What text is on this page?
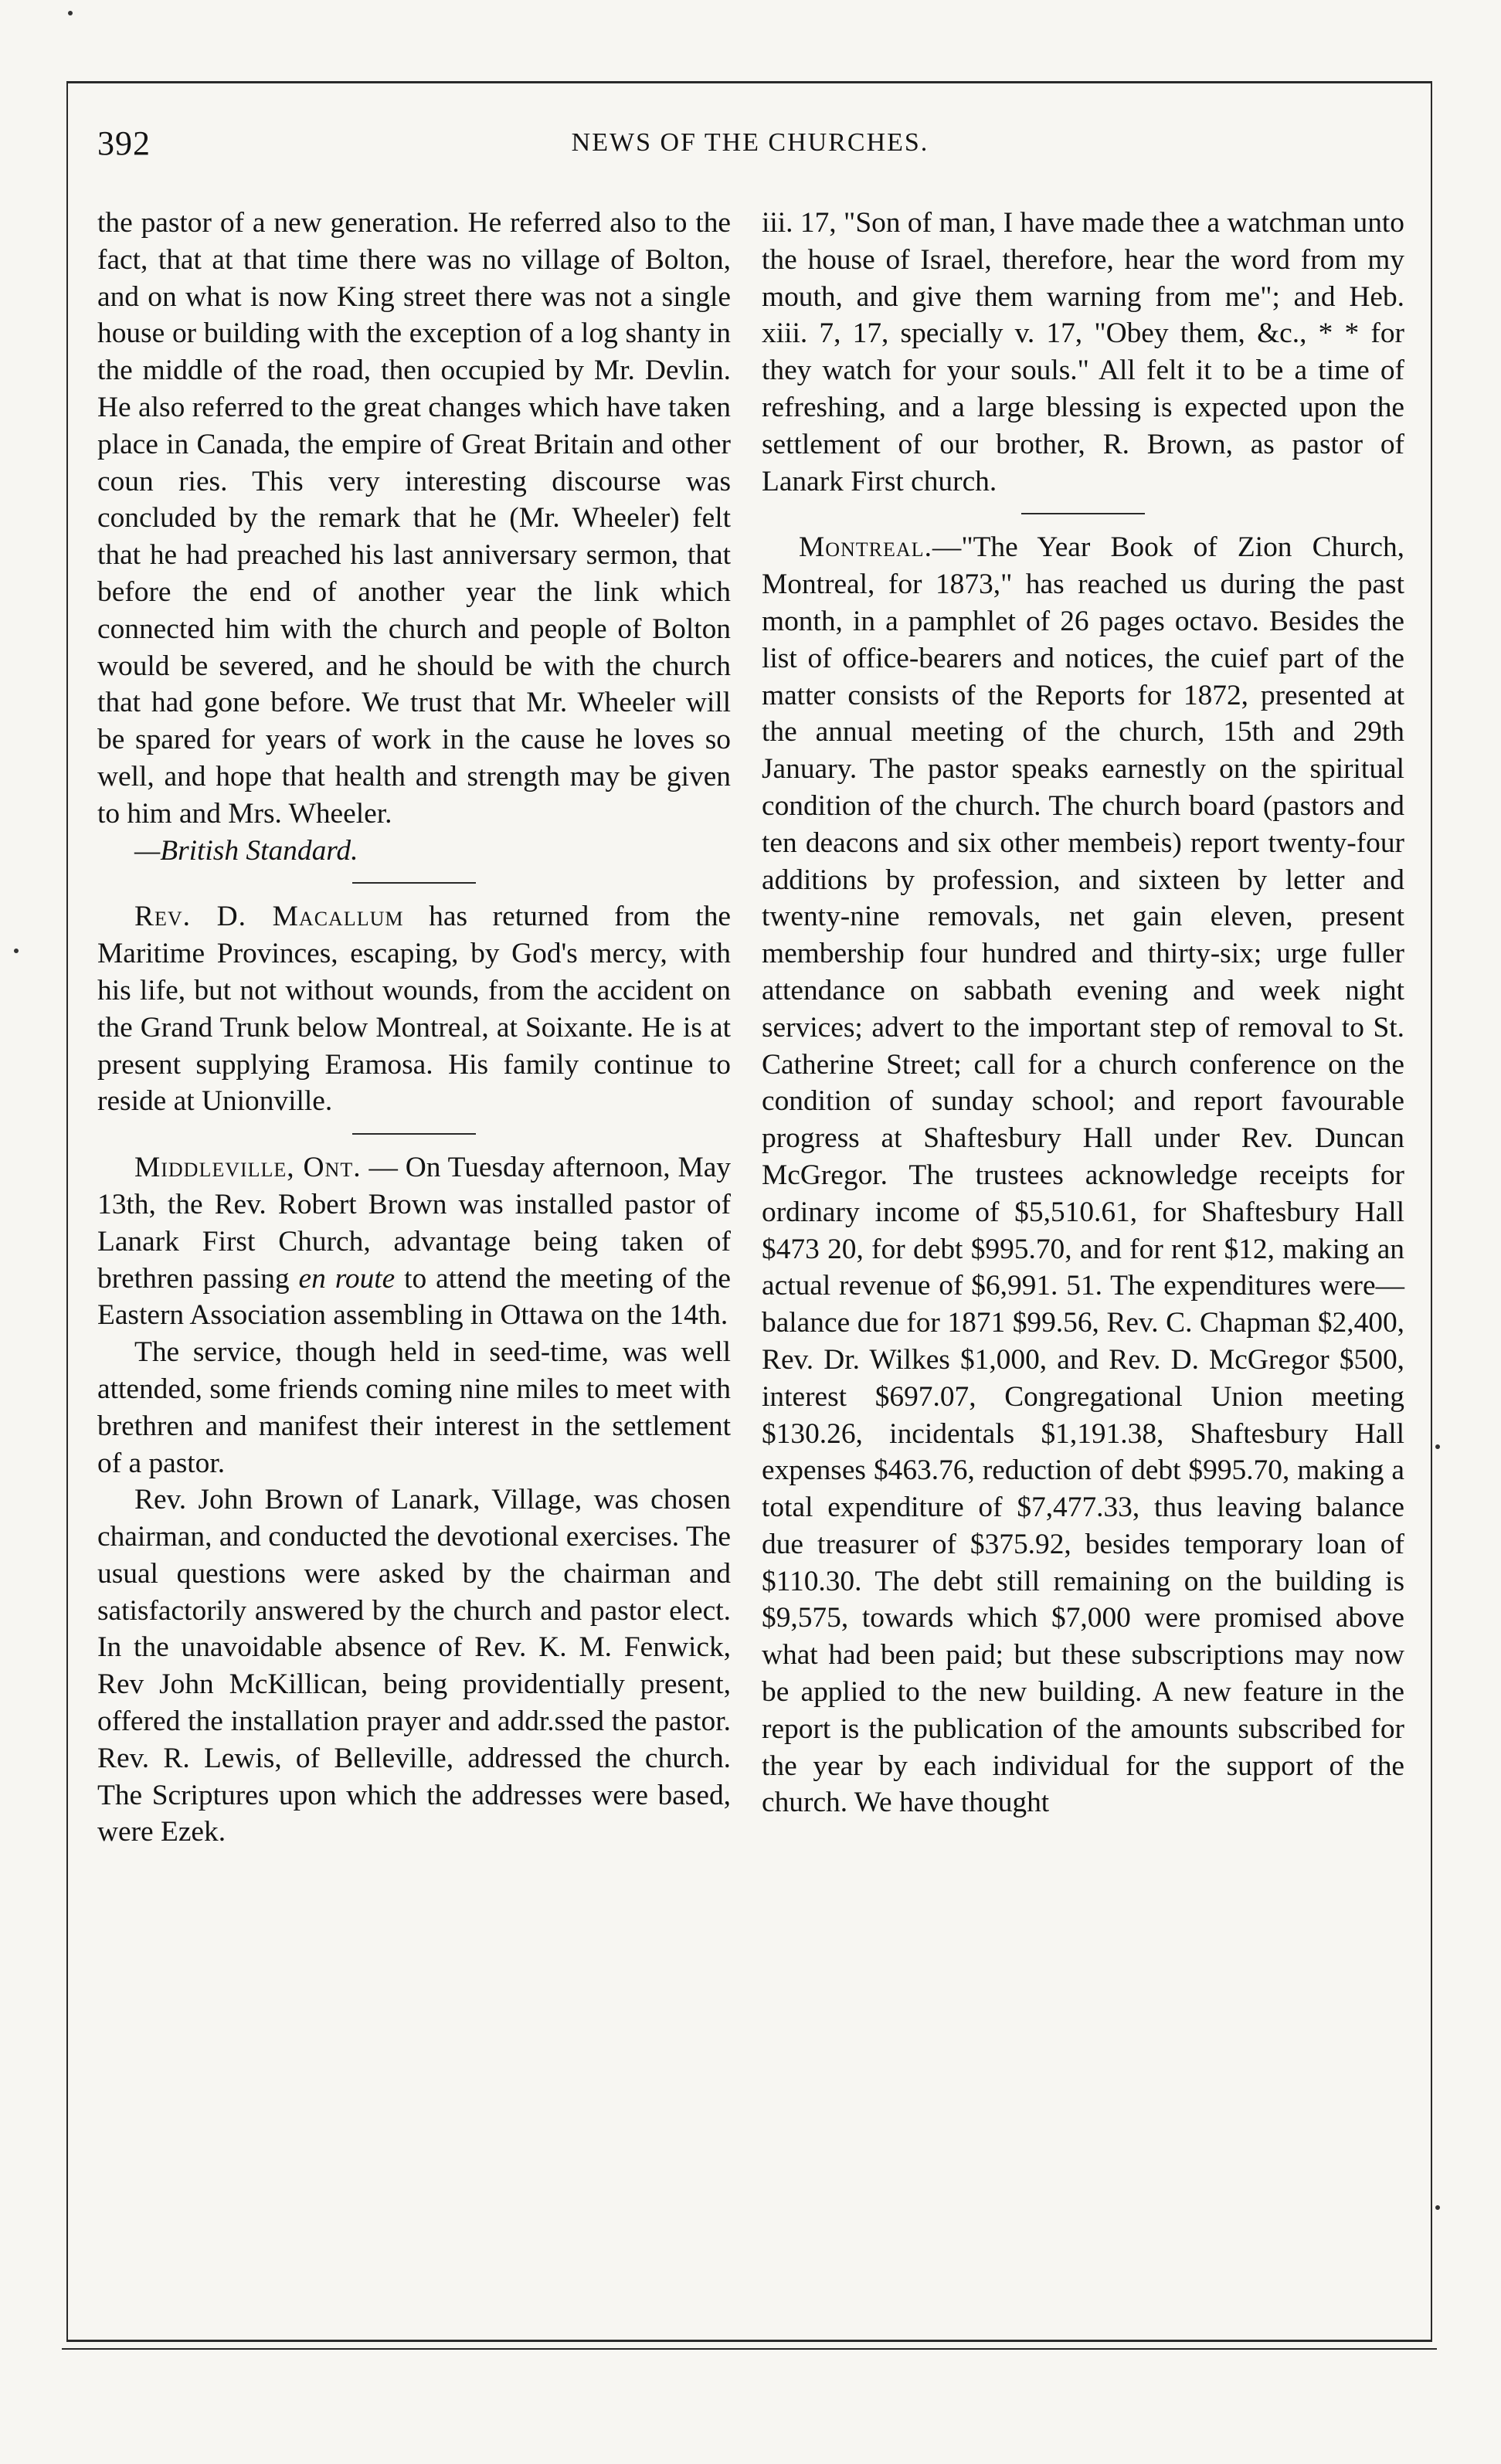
392	NEWS OF THE CHURCHES.

the pastor of a new generation. He referred also to the fact, that at that time there was no village of Bolton, and on what is now King street there was not a single house or building with the exception of a log shanty in the middle of the road, then occupied by Mr. Devlin. He also referred to the great changes which have taken place in Canada, the empire of Great Britain and other coun ries. This very interesting discourse was concluded by the remark that he (Mr. Wheeler) felt that he had preached his last anniversary sermon, that before the end of another year the link which connected him with the church and people of Bolton would be severed, and he should be with the church that had gone before. We trust that Mr. Wheeler will be spared for years of work in the cause he loves so well, and hope that health and strength may be given to him and Mrs. Wheeler.
—British Standard.

Rev. D. Macallum has returned from the Maritime Provinces, escaping, by God's mercy, with his life, but not without wounds, from the accident on the Grand Trunk below Montreal, at Soixante. He is at present supplying Eramosa. His family continue to reside at Unionville.

Middleville, Ont. — On Tuesday afternoon, May 13th, the Rev. Robert Brown was installed pastor of Lanark First Church, advantage being taken of brethren passing en route to attend the meeting of the Eastern Association assembling in Ottawa on the 14th.

The service, though held in seed-time, was well attended, some friends coming nine miles to meet with brethren and manifest their interest in the settlement of a pastor.

Rev. John Brown of Lanark, Village, was chosen chairman, and conducted the devotional exercises. The usual questions were asked by the chairman and satisfactorily answered by the church and pastor elect. In the unavoidable absence of Rev. K. M. Fenwick, Rev John McKillican, being providentially present, offered the installation prayer and addr.ssed the pastor. Rev. R. Lewis, of Belleville, addressed the church. The Scriptures upon which the addresses were based, were Ezek.

iii. 17, "Son of man, I have made thee a watchman unto the house of Israel, therefore, hear the word from my mouth, and give them warning from me"; and Heb. xiii. 7, 17, specially v. 17, "Obey them, &c., * * for they watch for your souls." All felt it to be a time of refreshing, and a large blessing is expected upon the settlement of our brother, R. Brown, as pastor of Lanark First church.

Montreal.—"The Year Book of Zion Church, Montreal, for 1873," has reached us during the past month, in a pamphlet of 26 pages octavo. Besides the list of office-bearers and notices, the cuief part of the matter consists of the Reports for 1872, presented at the annual meeting of the church, 15th and 29th January. The pastor speaks earnestly on the spiritual condition of the church. The church board (pastors and ten deacons and six other membeis) report twenty-four additions by profession, and sixteen by letter and twenty-nine removals, net gain eleven, present membership four hundred and thirty-six; urge fuller attendance on sabbath evening and week night services; advert to the important step of removal to St. Catherine Street; call for a church conference on the condition of sunday school; and report favourable progress at Shaftesbury Hall under Rev. Duncan McGregor. The trustees acknowledge receipts for ordinary income of $5,510.61, for Shaftesbury Hall $473 20, for debt $995.70, and for rent $12, making an actual revenue of $6,991. 51. The expenditures were—balance due for 1871 $99.56, Rev. C. Chapman $2,400, Rev. Dr. Wilkes $1,000, and Rev. D. McGregor $500, interest $697.07, Congregational Union meeting $130.26, incidentals $1,191.38, Shaftesbury Hall expenses $463.76, reduction of debt $995.70, making a total expenditure of $7,477.33, thus leaving balance due treasurer of $375.92, besides temporary loan of $110.30. The debt still remaining on the building is $9,575, towards which $7,000 were promised above what had been paid; but these subscriptions may now be applied to the new building. A new feature in the report is the publication of the amounts subscribed for the year by each individual for the support of the church. We have thought
